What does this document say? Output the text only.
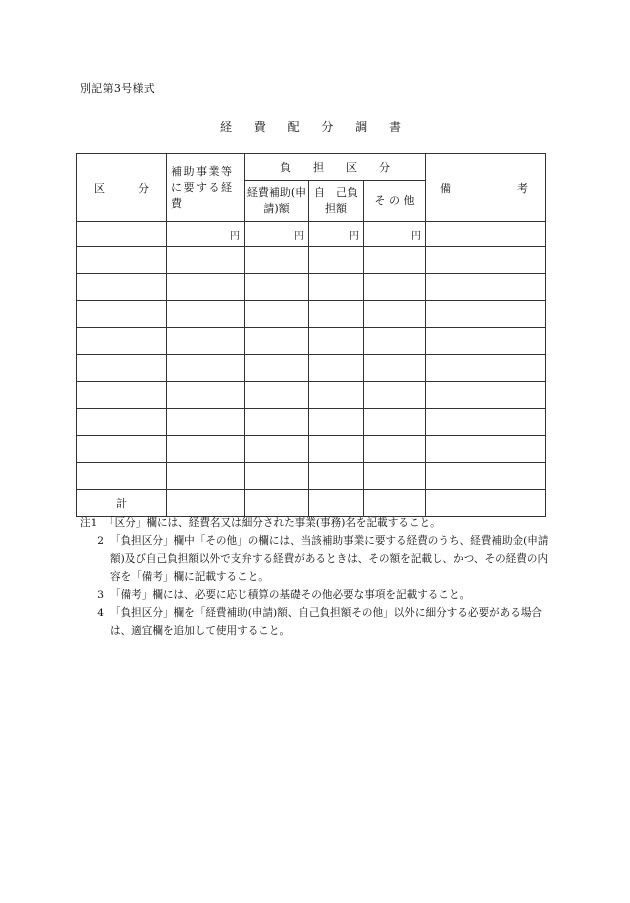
別記第3号様式
経 費 配 分 調 書
区　　　分	補助事業等に要する経費	負　　担　　区　　分			備　　　　　　考

		経費補助(申請)額	自　己負担額	そ の 他	
	円	円	円	円	

計					
注1 「区分」欄には、経費名又は細分された事業(事務)名を記載すること。
2 「負担区分」欄中「その他」の欄には、当該補助事業に要する経費のうち、経費補助金(申請額)及び自己負担額以外で支弁する経費があるときは、その額を記載し、かつ、その経費の内容を「備考」欄に記載すること。
3 「備考」欄には、必要に応じ積算の基礎その他必要な事項を記載すること。
4 「負担区分」欄を「経費補助(申請)額、自己負担額その他」以外に細分する必要がある場合は、適宜欄を追加して使用すること。
